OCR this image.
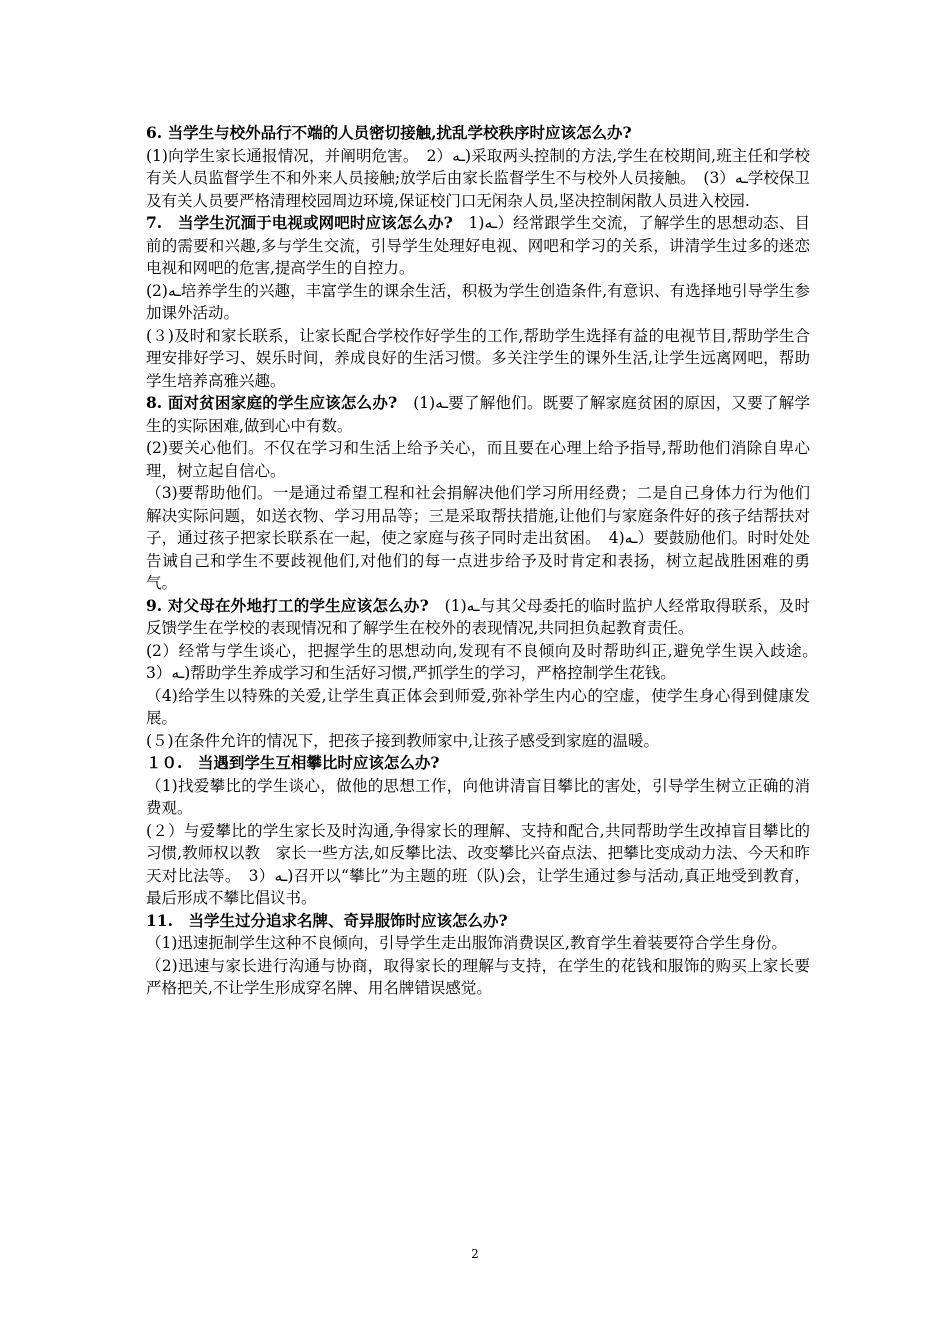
6. 当学生与校外品行不端的人员密切接触,扰乱学校秩序时应该怎么办?

(1)向学生家长通报情况，并阐明危害。　2）ـه)采取两头控制的方法,学生在校期间,班主任和学校有关人员监督学生不和外来人员接触;放学后由家长监督学生不与校外人员接触。　(3）ـه学校保卫及有关人员要严格清理校园周边环境,保证校门口无闲杂人员,坚决控制闲散人员进入校园.

7.　当学生沉湎于电视或网吧时应该怎么办?　1)ـه）经常跟学生交流，了解学生的思想动态、目前的需要和兴趣,多与学生交流，引导学生处理好电视、网吧和学习的关系，讲清学生过多的迷恋电视和网吧的危害,提高学生的自控力。

(2)ـه培养学生的兴趣，丰富学生的课余生活，积极为学生创造条件,有意识、有选择地引导学生参加课外活动。

(３)及时和家长联系，让家长配合学校作好学生的工作,帮助学生选择有益的电视节目,帮助学生合理安排好学习、娱乐时间，养成良好的生活习惯。多关注学生的课外生活,让学生远离网吧，帮助学生培养高雅兴趣。

8. 面对贫困家庭的学生应该怎么办?　(1)ـه要了解他们。既要了解家庭贫困的原因，又要了解学生的实际困难,做到心中有数。

(2)要关心他们。不仅在学习和生活上给予关心，而且要在心理上给予指导,帮助他们消除自卑心理，树立起自信心。

（3)要帮助他们。一是通过希望工程和社会捐解决他们学习所用经费；二是自己身体力行为他们解决实际问题，如送衣物、学习用品等；三是采取帮扶措施,让他们与家庭条件好的孩子结帮扶对子，通过孩子把家长联系在一起，使之家庭与孩子同时走出贫困。　4)ـه）要鼓励他们。时时处处告诫自己和学生不要歧视他们,对他们的每一点进步给予及时肯定和表扬，树立起战胜困难的勇气。

9. 对父母在外地打工的学生应该怎么办?　(1)ـه与其父母委托的临时监护人经常取得联系，及时反馈学生在学校的表现情况和了解学生在校外的表现情况,共同担负起教育责任。

(2）经常与学生谈心，把握学生的思想动向,发现有不良倾向及时帮助纠正,避免学生误入歧途。　3）ـه)帮助学生养成学习和生活好习惯,严抓学生的学习，严格控制学生花钱。

（4)给学生以特殊的关爱,让学生真正体会到师爱,弥补学生内心的空虚，使学生身心得到健康发展。

(５)在条件允许的情况下，把孩子接到教师家中,让孩子感受到家庭的温暖。

１０.　当遇到学生互相攀比时应该怎么办?

（1)找爱攀比的学生谈心，做他的思想工作，向他讲清盲目攀比的害处，引导学生树立正确的消费观。

(２）与爱攀比的学生家长及时沟通,争得家长的理解、支持和配合,共同帮助学生改掉盲目攀比的习惯,教师权以教　家长一些方法,如反攀比法、改变攀比兴奋点法、把攀比变成动力法、今天和昨天对比法等。　3）ـه)召开以“攀比”为主题的班（队)会，让学生通过参与活动,真正地受到教育，最后形成不攀比倡议书。

11.　当学生过分追求名牌、奇异服饰时应该怎么办?

（1)迅速扼制学生这种不良倾向，引导学生走出服饰消费误区,教育学生着装要符合学生身份。

（2)迅速与家长进行沟通与协商，取得家长的理解与支持，在学生的花钱和服饰的购买上家长要严格把关,不让学生形成穿名牌、用名牌错误感觉。

2
